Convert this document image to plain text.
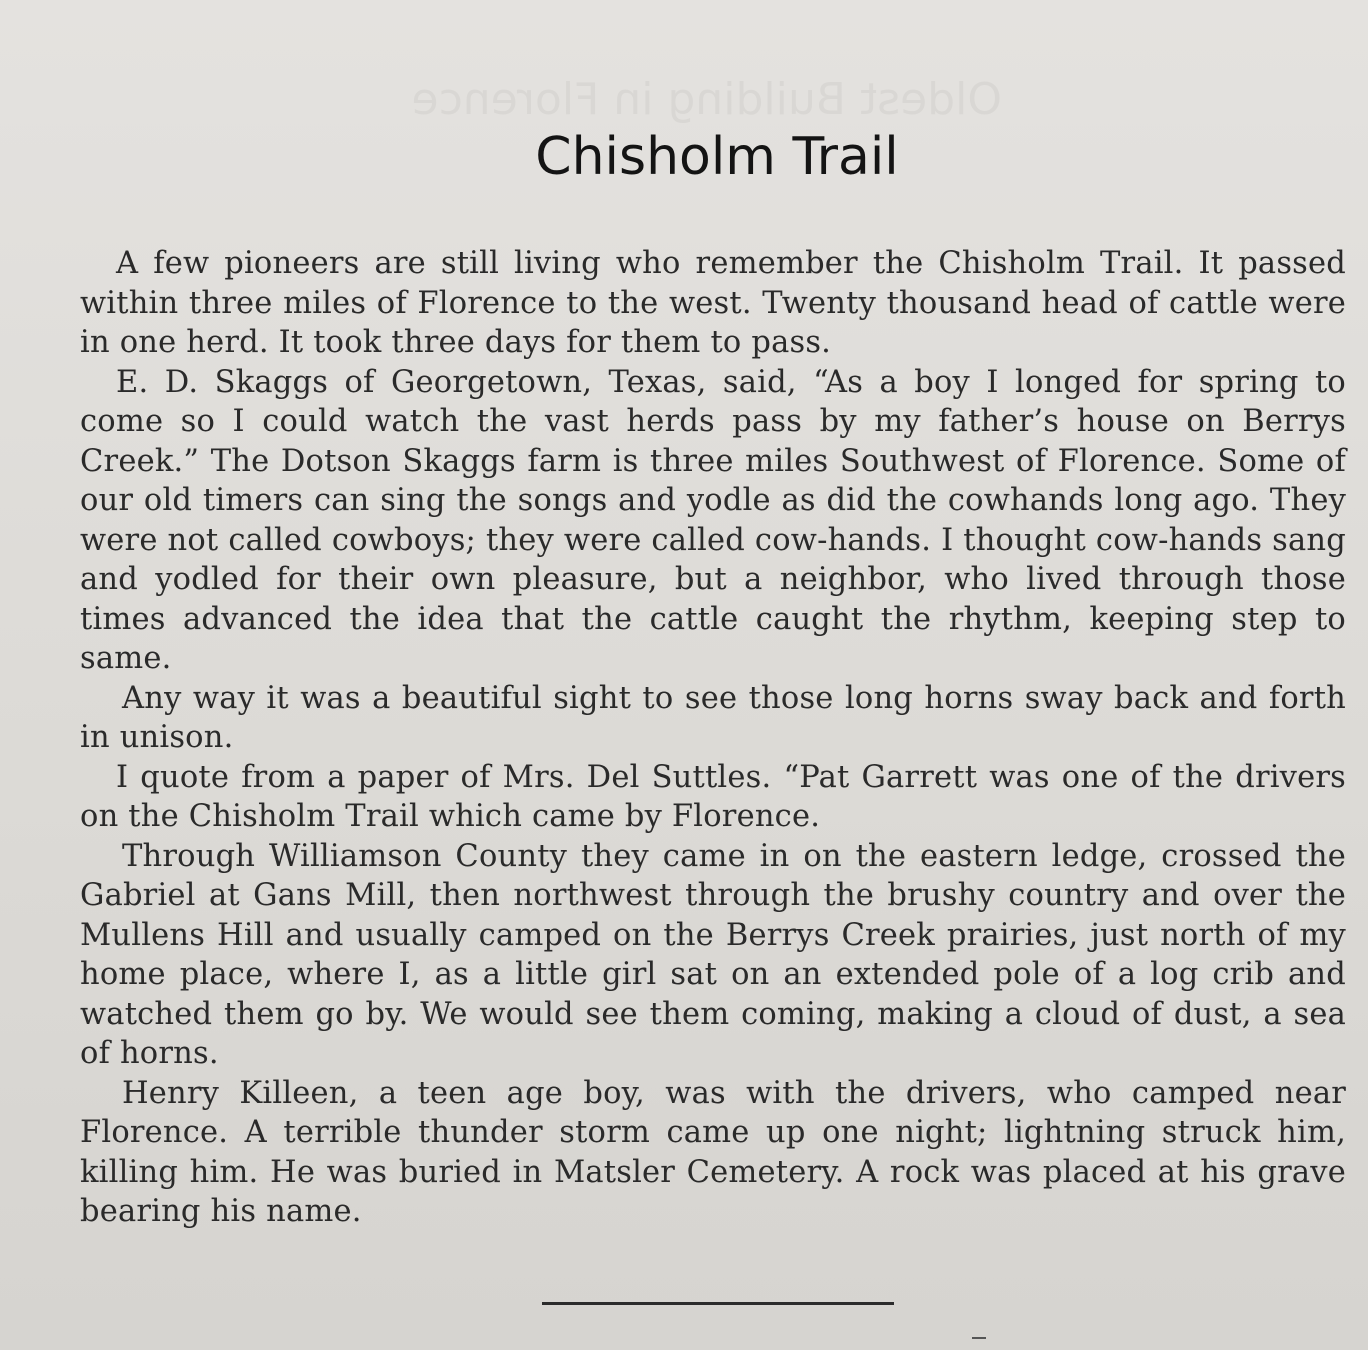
Chisholm Trail

A few pioneers are still living who remember the Chisholm Trail. It passed within three miles of Florence to the west. Twenty thousand head of cattle were in one herd. It took three days for them to pass.

E. D. Skaggs of Georgetown, Texas, said, “As a boy I longed for spring to come so I could watch the vast herds pass by my father’s house on Berrys Creek.” The Dotson Skaggs farm is three miles Southwest of Florence. Some of our old timers can sing the songs and yodle as did the cowhands long ago. They were not called cowboys; they were called cow-hands. I thought cow-hands sang and yodled for their own pleasure, but a neighbor, who lived through those times advanced the idea that the cattle caught the rhythm, keeping step to same.

Any way it was a beautiful sight to see those long horns sway back and forth in unison.

I quote from a paper of Mrs. Del Suttles. “Pat Garrett was one of the drivers on the Chisholm Trail which came by Florence.

Through Williamson County they came in on the eastern ledge, crossed the Gabriel at Gans Mill, then northwest through the brushy country and over the Mullens Hill and usually camped on the Berrys Creek prairies, just north of my home place, where I, as a little girl sat on an extended pole of a log crib and watched them go by. We would see them coming, making a cloud of dust, a sea of horns.

Henry Killeen, a teen age boy, was with the drivers, who camped near Florence. A terrible thunder storm came up one night; lightning struck him, killing him. He was buried in Matsler Cemetery. A rock was placed at his grave bearing his name.
